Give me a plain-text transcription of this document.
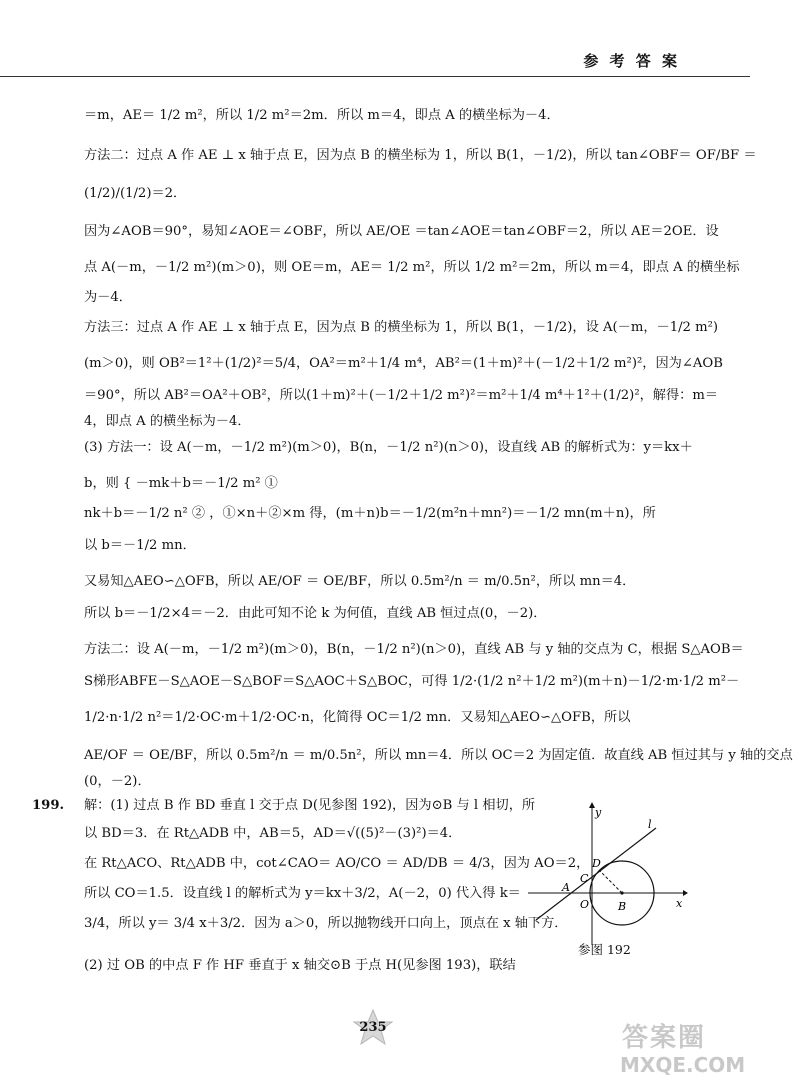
参 考 答 案
＝m，AE＝ 1/2 m²，所以 1/2 m²＝2m．所以 m＝4，即点 A 的横坐标为－4．
方法二：过点 A 作 AE ⊥ x 轴于点 E，因为点 B 的横坐标为 1，所以 B(1，－1/2)，所以 tan∠OBF＝ OF/BF ＝
(1/2)/(1/2)＝2．
因为∠AOB＝90°，易知∠AOE＝∠OBF，所以 AE/OE ＝tan∠AOE＝tan∠OBF＝2，所以 AE＝2OE．设
点 A(－m，－1/2 m²)(m＞0)，则 OE＝m，AE＝ 1/2 m²，所以 1/2 m²＝2m，所以 m＝4，即点 A 的横坐标
为－4．
方法三：过点 A 作 AE ⊥ x 轴于点 E，因为点 B 的横坐标为 1，所以 B(1，－1/2)，设 A(－m，－1/2 m²)
(m＞0)，则 OB²＝1²＋(1/2)²＝5/4，OA²＝m²＋1/4 m⁴，AB²＝(1＋m)²＋(－1/2＋1/2 m²)²，因为∠AOB
＝90°，所以 AB²＝OA²＋OB²，所以(1＋m)²＋(－1/2＋1/2 m²)²＝m²＋1/4 m⁴＋1²＋(1/2)²，解得：m＝
4，即点 A 的横坐标为－4．
(3) 方法一：设 A(－m，－1/2 m²)(m＞0)，B(n，－1/2 n²)(n＞0)，设直线 AB 的解析式为：y＝kx＋
b，则 { －mk＋b＝－1/2 m² ①
nk＋b＝－1/2 n² ② ，①×n＋②×m 得，(m＋n)b＝－1/2(m²n＋mn²)＝－1/2 mn(m＋n)，所
以 b＝－1/2 mn．
又易知△AEO∽△OFB，所以 AE/OF ＝ OE/BF，所以 0.5m²/n ＝ m/0.5n²，所以 mn＝4．
所以 b＝－1/2×4＝－2．由此可知不论 k 为何值，直线 AB 恒过点(0，－2)．
方法二：设 A(－m，－1/2 m²)(m＞0)，B(n，－1/2 n²)(n＞0)，直线 AB 与 y 轴的交点为 C，根据 S△AOB＝
S梯形ABFE－S△AOE－S△BOF＝S△AOC＋S△BOC，可得 1/2·(1/2 n²＋1/2 m²)(m＋n)－1/2·m·1/2 m²－
1/2·n·1/2 n²＝1/2·OC·m＋1/2·OC·n，化简得 OC＝1/2 mn．又易知△AEO∽△OFB，所以
AE/OF ＝ OE/BF，所以 0.5m²/n ＝ m/0.5n²，所以 mn＝4．所以 OC＝2 为固定值．故直线 AB 恒过其与 y 轴的交点
(0，－2)．
199. 解：(1) 过点 B 作 BD 垂直 l 交于点 D(见参图 192)，因为⊙B 与 l 相切，所
以 BD＝3．在 Rt△ADB 中，AB＝5，AD＝√((5)²－(3)²)＝4．
在 Rt△ACO、Rt△ADB 中，cot∠CAO＝ AO/CO ＝ AD/DB ＝ 4/3，因为 AO＝2，
所以 CO＝1.5．设直线 l 的解析式为 y＝kx＋3/2，A(－2，0) 代入得 k＝
3/4，所以 y＝ 3/4 x＋3/2．因为 a＞0，所以抛物线开口向上，顶点在 x 轴下方．
(2) 过 OB 的中点 F 作 HF 垂直于 x 轴交⊙B 于点 H(见参图 193)，联结
y
x
l
D
C
A
O	B
参图 192
235	答案圈
MXQE.COM
